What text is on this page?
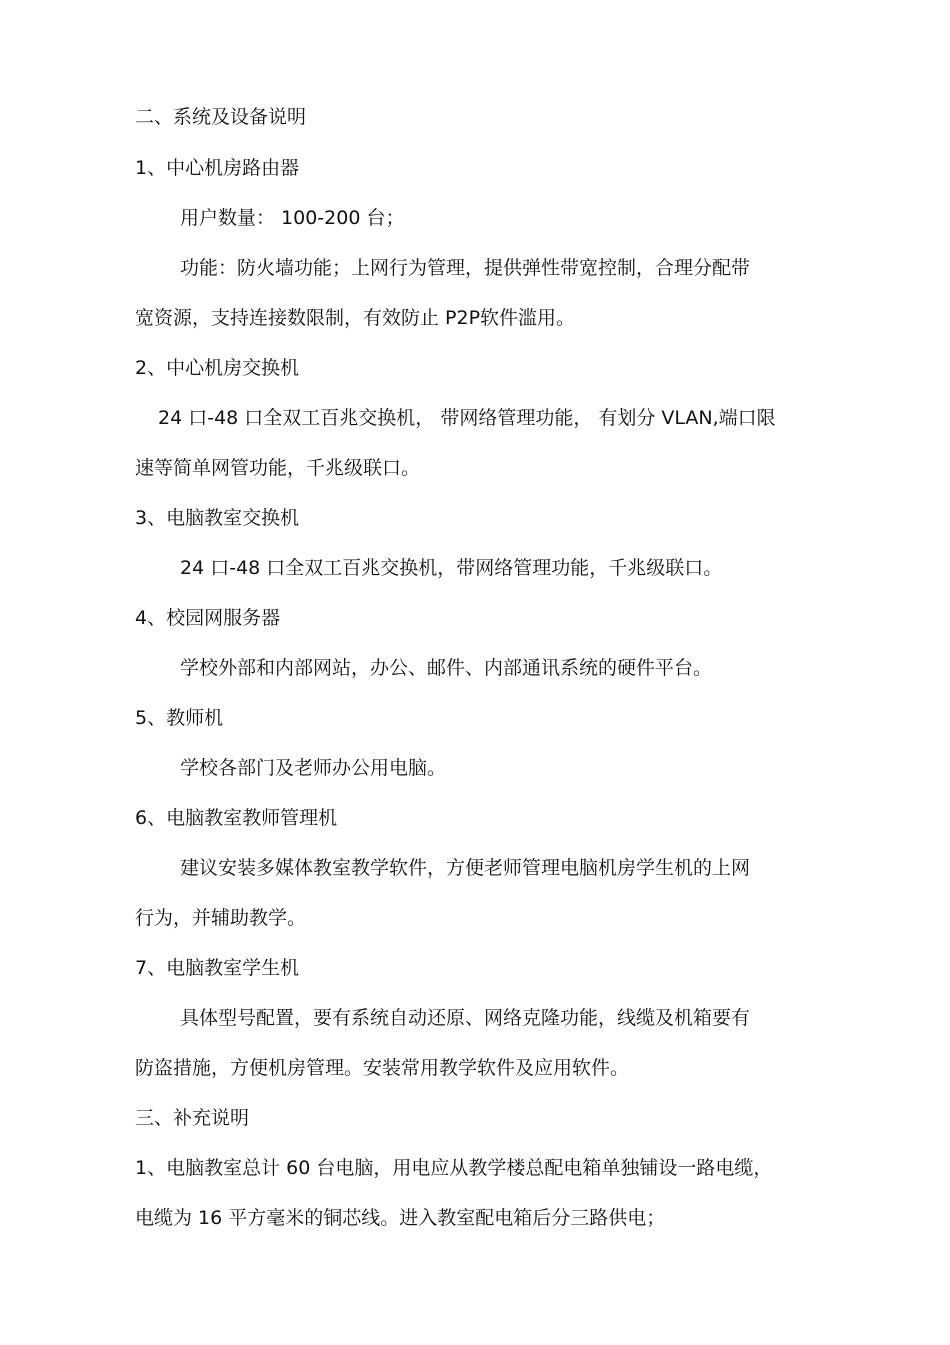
二、系统及设备说明
1、中心机房路由器
用户数量： 100-200 台；
功能：防火墙功能；上网行为管理，提供弹性带宽控制，合理分配带
宽资源，支持连接数限制，有效防止 P2P软件滥用。
2、中心机房交换机
24 口-48 口全双工百兆交换机， 带网络管理功能， 有划分 VLAN,端口限
速等简单网管功能，千兆级联口。
3、电脑教室交换机
24 口-48 口全双工百兆交换机，带网络管理功能，千兆级联口。
4、校园网服务器
学校外部和内部网站，办公、邮件、内部通讯系统的硬件平台。
5、教师机
学校各部门及老师办公用电脑。
6、电脑教室教师管理机
建议安装多媒体教室教学软件，方便老师管理电脑机房学生机的上网
行为，并辅助教学。
7、电脑教室学生机
具体型号配置，要有系统自动还原、网络克隆功能，线缆及机箱要有
防盗措施，方便机房管理。安装常用教学软件及应用软件。
三、补充说明
1、电脑教室总计 60 台电脑，用电应从教学楼总配电箱单独铺设一路电缆，
电缆为 16 平方毫米的铜芯线。进入教室配电箱后分三路供电；
